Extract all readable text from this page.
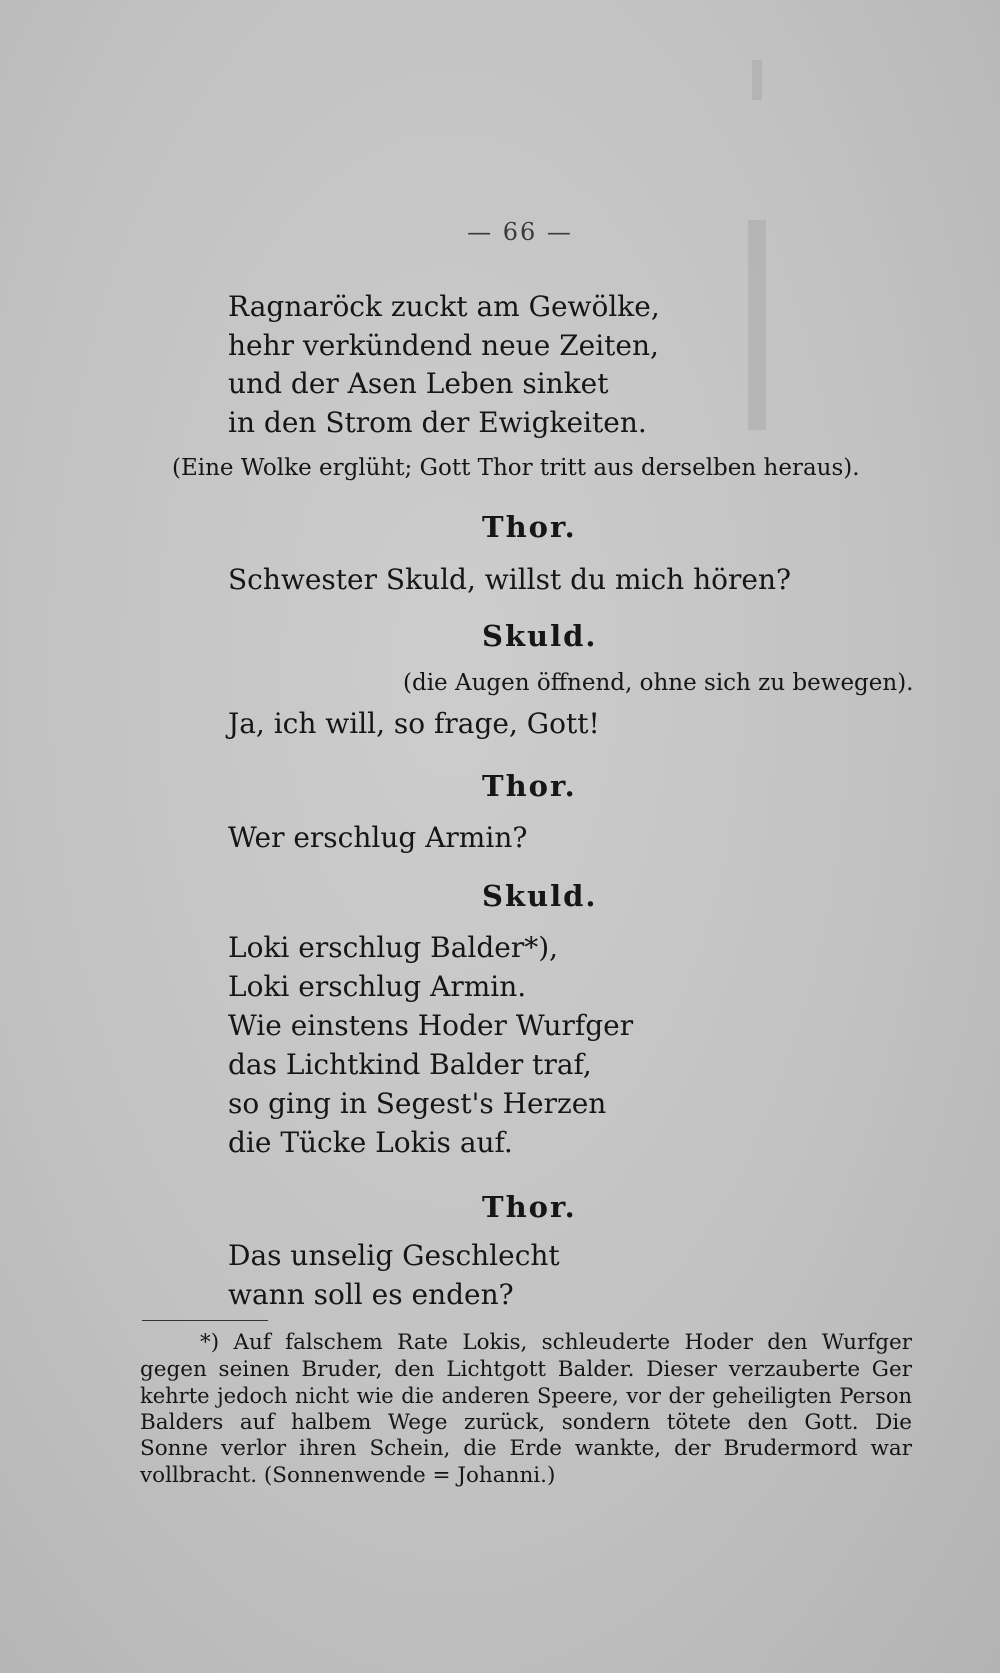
— 66 —
Ragnaröck zuckt am Gewölke,
hehr verkündend neue Zeiten,
und der Asen Leben sinket
in den Strom der Ewigkeiten.
(Eine Wolke erglüht; Gott Thor tritt aus derselben heraus).
Thor.
Schwester Skuld, willst du mich hören?
Skuld.
(die Augen öffnend, ohne sich zu bewegen).
Ja, ich will, so frage, Gott!
Thor.
Wer erschlug Armin?
Skuld.
Loki erschlug Balder*),
Loki erschlug Armin.
Wie einstens Hoder Wurfger
das Lichtkind Balder traf,
so ging in Segest's Herzen
die Tücke Lokis auf.
Thor.
Das unselig Geschlecht
wann soll es enden?
*) Auf falschem Rate Lokis, schleuderte Hoder den Wurfger
gegen seinen Bruder, den Lichtgott Balder. Dieser verzauberte Ger
kehrte jedoch nicht wie die anderen Speere, vor der geheiligten Person
Balders auf halbem Wege zurück, sondern tötete den Gott. Die
Sonne verlor ihren Schein, die Erde wankte, der Brudermord war
vollbracht. (Sonnenwende = Johanni.)
